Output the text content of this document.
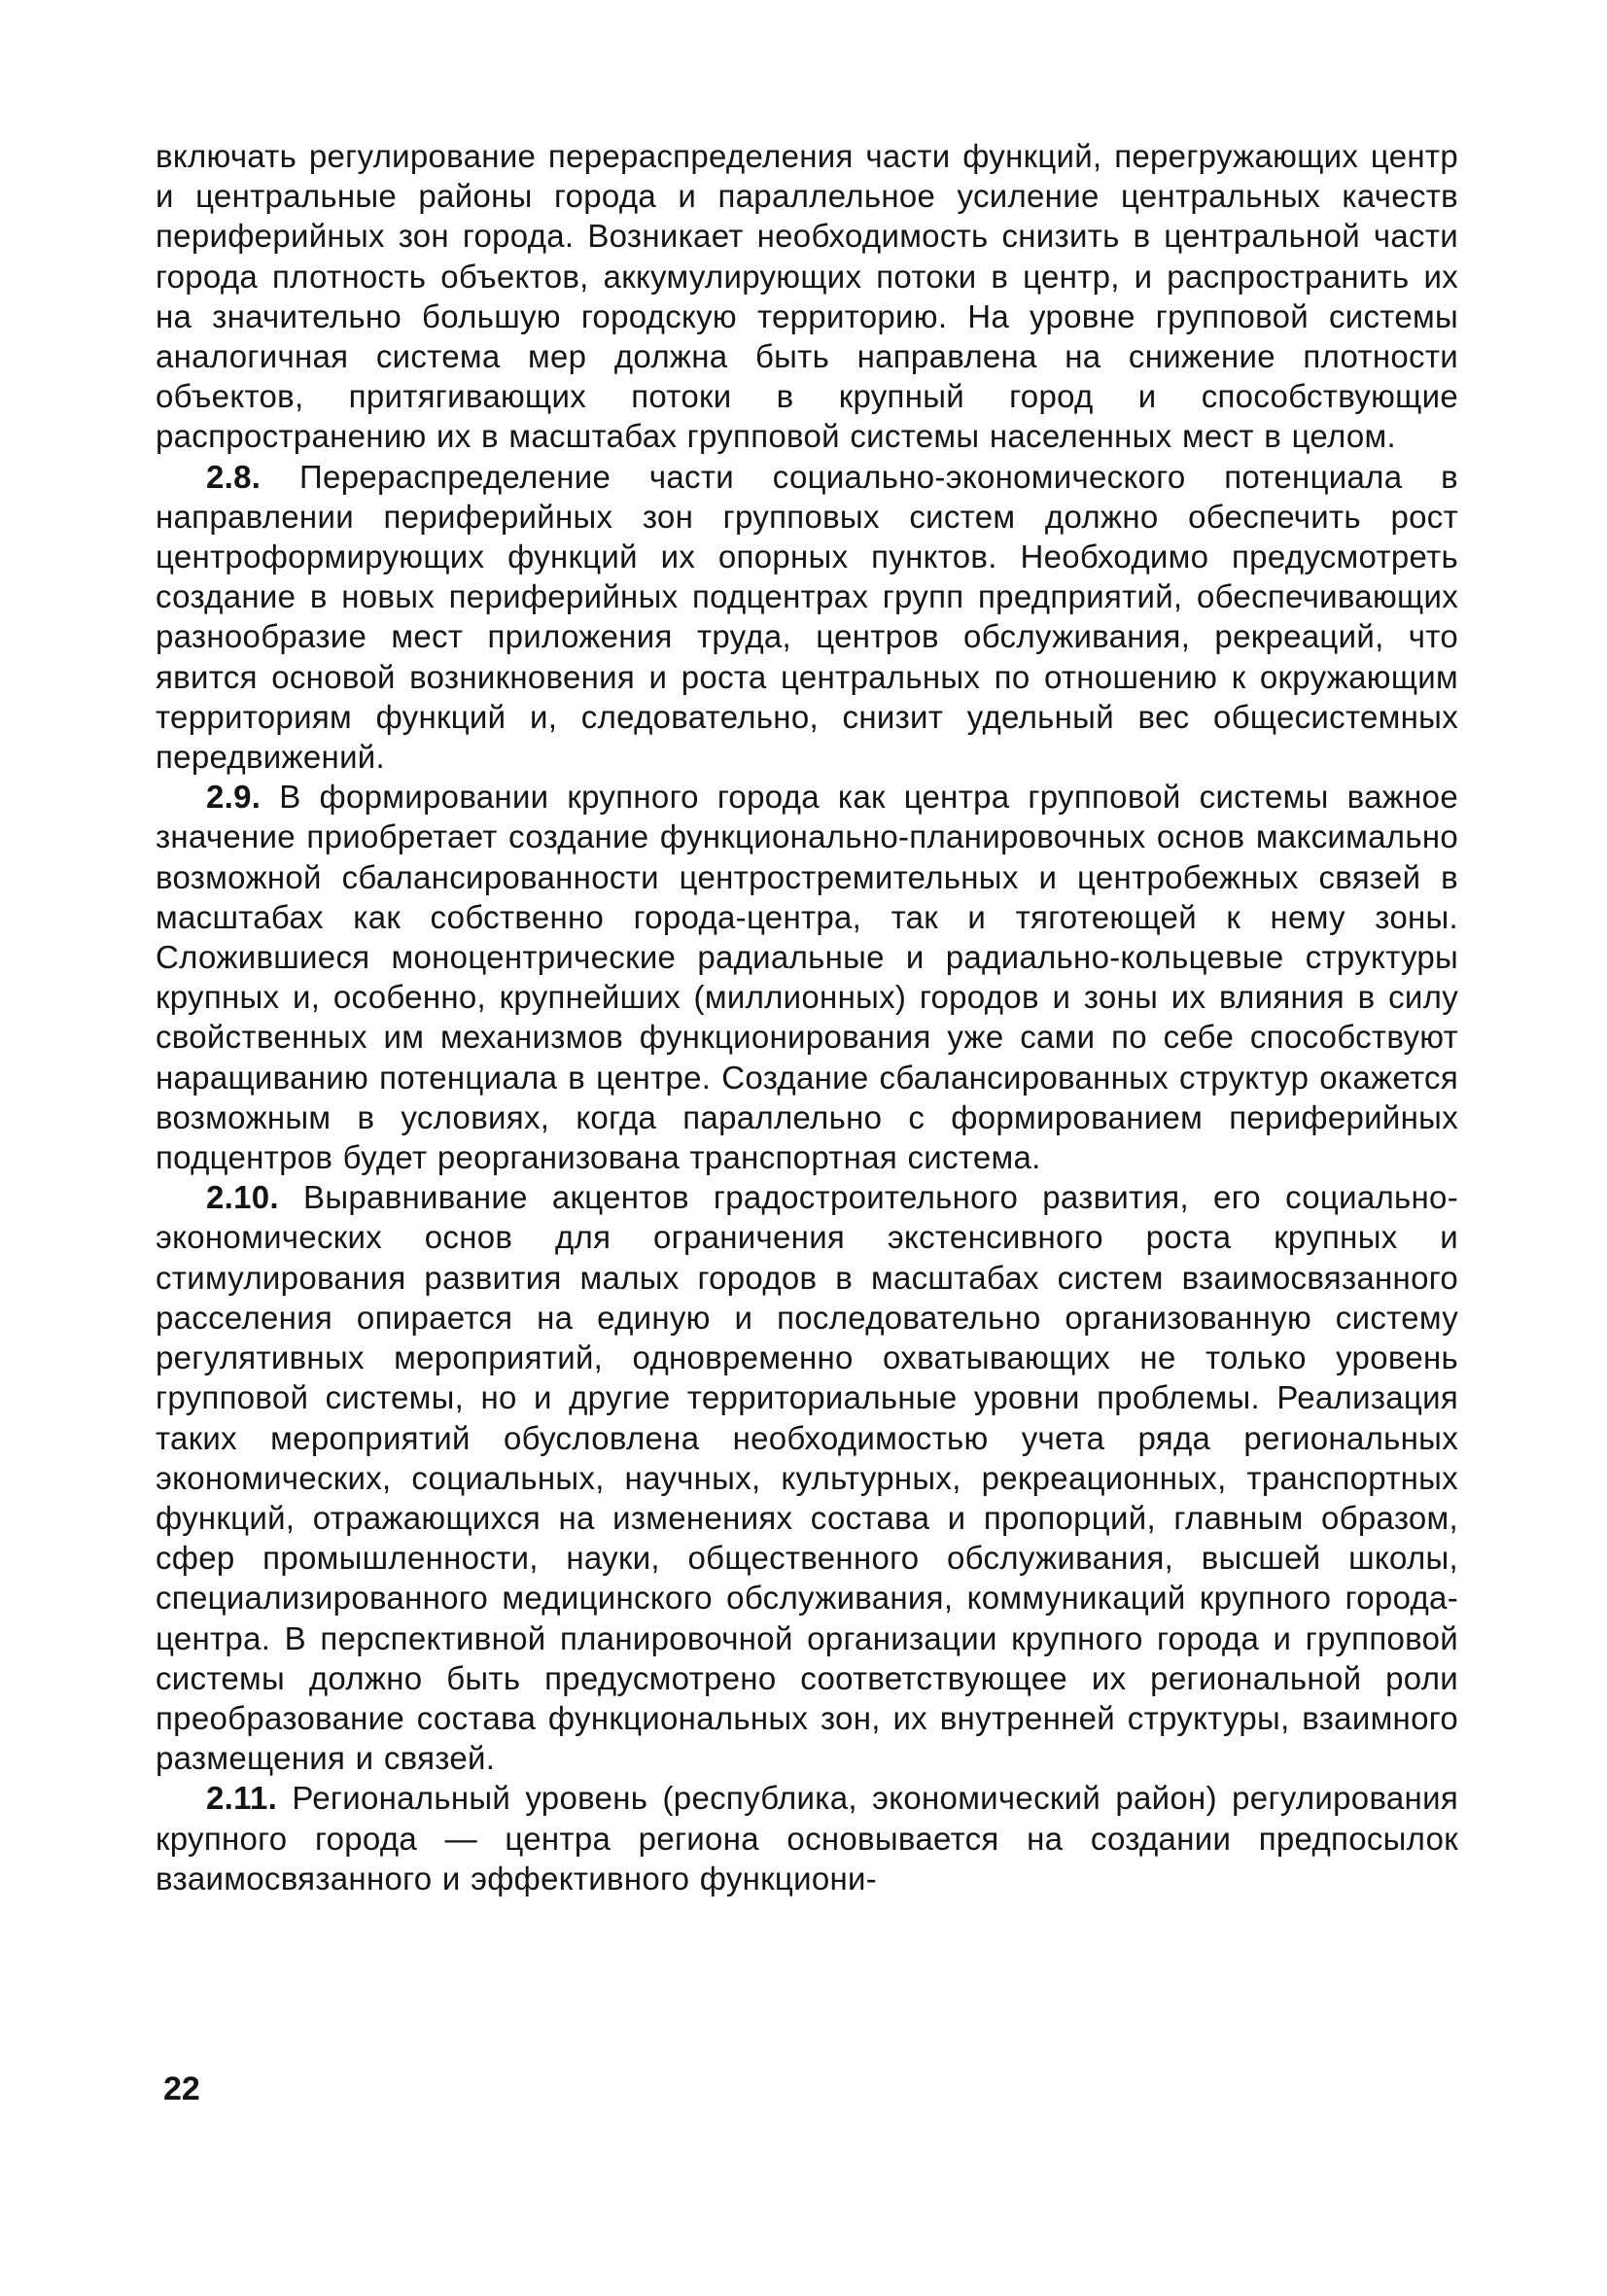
включать регулирование перераспределения части функций, перегружающих центр и центральные районы города и параллельное усиление центральных качеств периферийных зон города. Возникает необходимость снизить в центральной части города плотность объектов, аккумулирующих потоки в центр, и распространить их на значительно большую городскую территорию. На уровне групповой системы аналогичная система мер должна быть направлена на снижение плотности объектов, притягивающих потоки в крупный город и способствующие распространению их в масштабах групповой системы населенных мест в целом.

2.8. Перераспределение части социально-экономического потенциала в направлении периферийных зон групповых систем должно обеспечить рост центроформирующих функций их опорных пунктов. Необходимо предусмотреть создание в новых периферийных подцентрах групп предприятий, обеспечивающих разнообразие мест приложения труда, центров обслуживания, рекреаций, что явится основой возникновения и роста центральных по отношению к окружающим территориям функций и, следовательно, снизит удельный вес общесистемных передвижений.

2.9. В формировании крупного города как центра групповой системы важное значение приобретает создание функционально-планировочных основ максимально возможной сбалансированности центростремительных и центробежных связей в масштабах как собственно города-центра, так и тяготеющей к нему зоны. Сложившиеся моноцентрические радиальные и радиально-кольцевые структуры крупных и, особенно, крупнейших (миллионных) городов и зоны их влияния в силу свойственных им механизмов функционирования уже сами по себе способствуют наращиванию потенциала в центре. Создание сбалансированных структур окажется возможным в условиях, когда параллельно с формированием периферийных подцентров будет реорганизована транспортная система.

2.10. Выравнивание акцентов градостроительного развития, его социально-экономических основ для ограничения экстенсивного роста крупных и стимулирования развития малых городов в масштабах систем взаимосвязанного расселения опирается на единую и последовательно организованную систему регулятивных мероприятий, одновременно охватывающих не только уровень групповой системы, но и другие территориальные уровни проблемы. Реализация таких мероприятий обусловлена необходимостью учета ряда региональных экономических, социальных, научных, культурных, рекреационных, транспортных функций, отражающихся на изменениях состава и пропорций, главным образом, сфер промышленности, науки, общественного обслуживания, высшей школы, специализированного медицинского обслуживания, коммуникаций крупного города-центра. В перспективной планировочной организации крупного города и групповой системы должно быть предусмотрено соответствующее их региональной роли преобразование состава функциональных зон, их внутренней структуры, взаимного размещения и связей.

2.11. Региональный уровень (республика, экономический район) регулирования крупного города — центра региона основывается на создании предпосылок взаимосвязанного и эффективного функциони-

22
